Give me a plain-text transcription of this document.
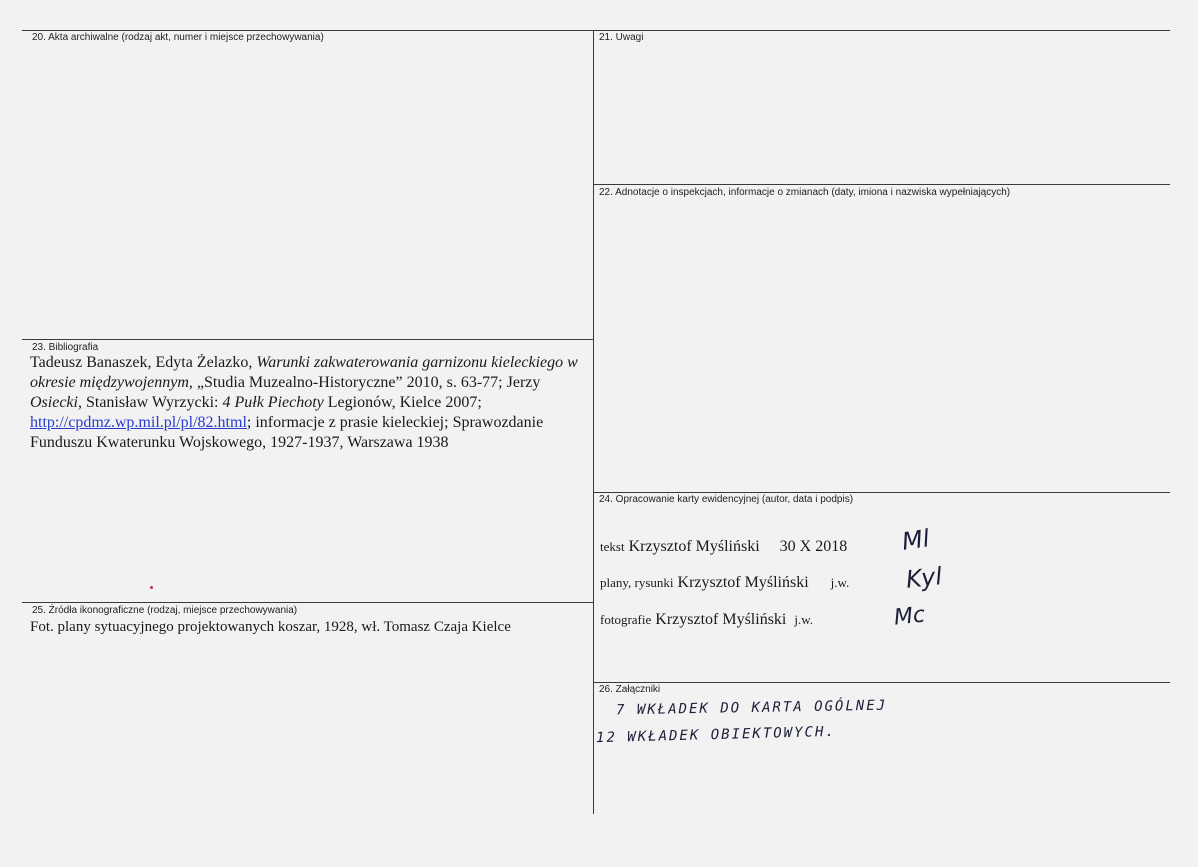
20. Akta archiwalne (rodzaj akt, numer i miejsce przechowywania)	21. Uwagi
22. Adnotacje o inspekcjach, informacje o zmianach (daty, imiona i nazwiska wypełniających)
23. Bibliografia
24. Opracowanie karty ewidencyjnej (autor, data i podpis)
25. Źródła ikonograficzne (rodzaj, miejsce przechowywania)
26. Załączniki
Tadeusz Banaszek, Edyta Żelazko, Warunki zakwaterowania garnizonu kieleckiego w okresie międzywojennym, „Studia Muzealno-Historyczne” 2010, s. 63-77; Jerzy Osiecki, Stanisław Wyrzycki: 4 Pułk Piechoty Legionów, Kielce 2007;
http://cpdmz.wp.mil.pl/pl/82.html; informacje z prasie kieleckiej; Sprawozdanie Funduszu Kwaterunku Wojskowego, 1927-1937, Warszawa 1938
Fot. plany sytuacyjnego projektowanych koszar, 1928, wł. Tomasz Czaja Kielce
tekst Krzysztof Myśliński 30 X 2018 Ml
plany, rysunki Krzysztof Myśliński j.w. Kyl
fotografie Krzysztof Myśliński j.w.	Mc
7 WKŁADEK DO KARTA OGÓLNEJ
12 WKŁADEK OBIEKTOWYCH.
